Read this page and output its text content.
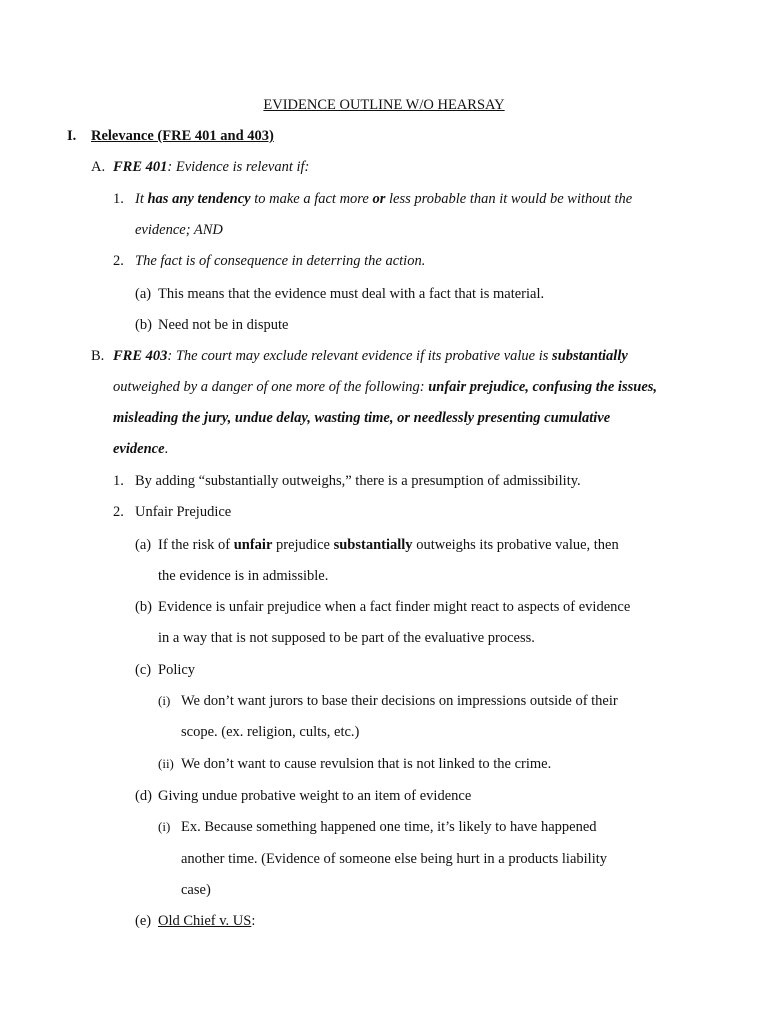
EVIDENCE OUTLINE W/O HEARSAY
I. Relevance (FRE 401 and 403)
A. FRE 401: Evidence is relevant if:
1. It has any tendency to make a fact more or less probable than it would be without the
evidence; AND
2. The fact is of consequence in deterring the action.
(a) This means that the evidence must deal with a fact that is material.
(b) Need not be in dispute
B. FRE 403: The court may exclude relevant evidence if its probative value is substantially
outweighed by a danger of one more of the following: unfair prejudice, confusing the issues,
misleading the jury, undue delay, wasting time, or needlessly presenting cumulative
evidence.
1. By adding “substantially outweighs,” there is a presumption of admissibility.
2. Unfair Prejudice
(a) If the risk of unfair prejudice substantially outweighs its probative value, then
the evidence is in admissible.
(b) Evidence is unfair prejudice when a fact finder might react to aspects of evidence
in a way that is not supposed to be part of the evaluative process.
(c) Policy
(i) We don’t want jurors to base their decisions on impressions outside of their
scope. (ex. religion, cults, etc.)
(ii) We don’t want to cause revulsion that is not linked to the crime.
(d) Giving undue probative weight to an item of evidence
(i) Ex. Because something happened one time, it’s likely to have happened
another time. (Evidence of someone else being hurt in a products liability
case)
(e) Old Chief v. US:
